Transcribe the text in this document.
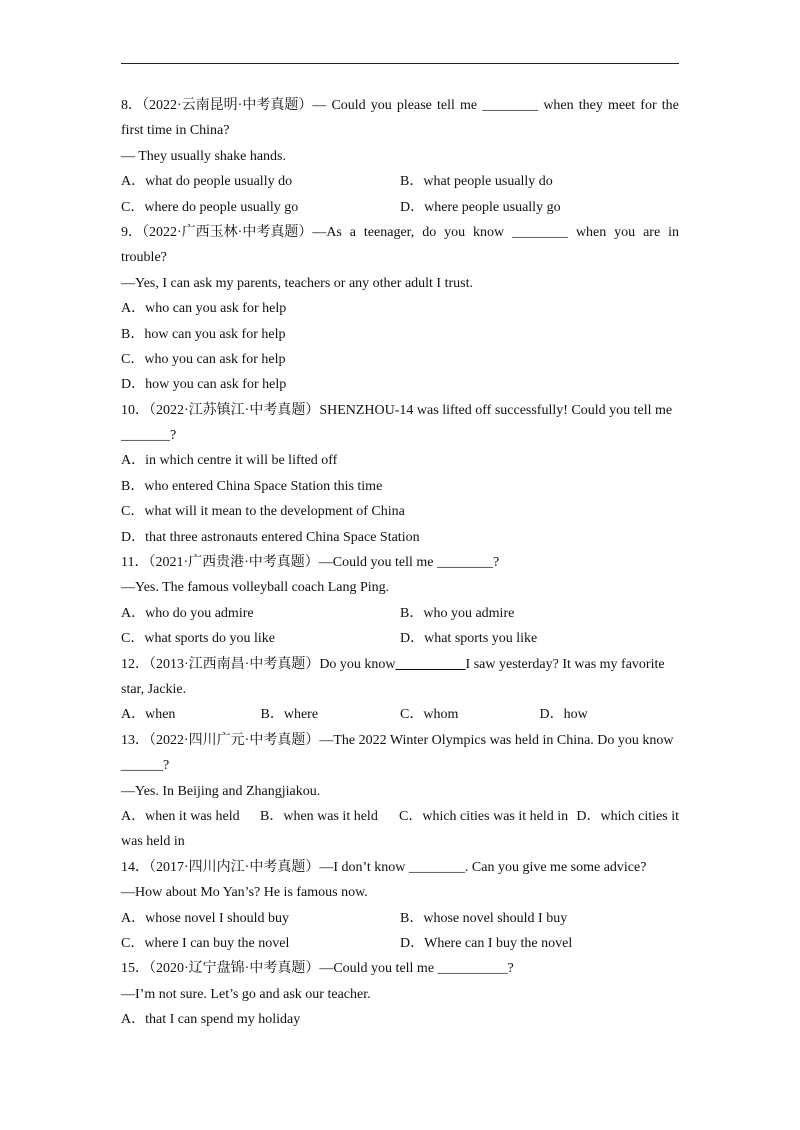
8．（2022·云南昆明·中考真题）— Could you please tell me ________ when they meet for the
first time in China?
— They usually shake hands.
A．what do people usually do	B．what people usually do
C．where do people usually go	D．where people usually go
9．（2022·广西玉林·中考真题）—As a teenager, do you know ________ when you are in
trouble?
—Yes, I can ask my parents, teachers or any other adult I trust.
A．who can you ask for help
B．how can you ask for help
C．who you can ask for help
D．how you can ask for help
10．（2022·江苏镇江·中考真题）SHENZHOU-14 was lifted off successfully! Could you tell me
_______?
A．in which centre it will be lifted off
B．who entered China Space Station this time
C．what will it mean to the development of China
D．that three astronauts entered China Space Station
11．（2021·广西贵港·中考真题）—Could you tell me ________?
—Yes. The famous volleyball coach Lang Ping.
A．who do you admire	B．who you admire
C．what sports do you like	D．what sports you like
12．（2013·江西南昌·中考真题）Do you know__________I saw yesterday? It was my favorite
star, Jackie.
A．when	B．where	C．whom	D．how
13．（2022·四川广元·中考真题）—The 2022 Winter Olympics was held in China. Do you know
______?
—Yes. In Beijing and Zhangjiakou.
A．when it was held	B．when was it held	C．which cities was it held in D．which cities it
was held in
14．（2017·四川内江·中考真题）—I don’t know ________. Can you give me some advice?
—How about Mo Yan’s? He is famous now.
A．whose novel I should buy	B．whose novel should I buy
C．where I can buy the novel	D．Where can I buy the novel
15．（2020·辽宁盘锦·中考真题）—Could you tell me __________?
—I’m not sure. Let’s go and ask our teacher.
A．that I can spend my holiday
